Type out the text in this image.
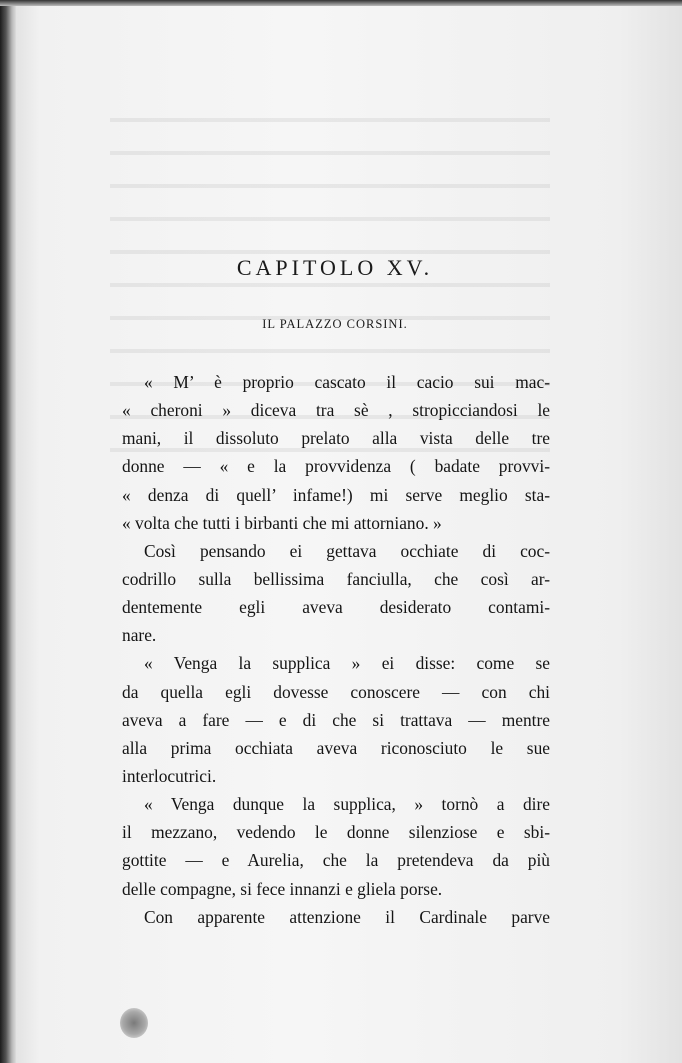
CAPITOLO XV.
IL PALAZZO CORSINI.
« M’ è proprio cascato il cacio sui mac-
« cheroni » diceva tra sè , stropicciandosi le
mani, il dissoluto prelato alla vista delle tre
donne — « e la provvidenza ( badate provvi-
« denza di quell’ infame!) mi serve meglio sta-
« volta che tutti i birbanti che mi attorniano. »
Così pensando ei gettava occhiate di coc-
codrillo sulla bellissima fanciulla, che così ar-
dentemente egli aveva desiderato contami-
nare.
« Venga la supplica » ei disse: come se
da quella egli dovesse conoscere — con chi
aveva a fare — e di che si trattava — mentre
alla prima occhiata aveva riconosciuto le sue
interlocutrici.
« Venga dunque la supplica, » tornò a dire
il mezzano, vedendo le donne silenziose e sbi-
gottite — e Aurelia, che la pretendeva da più
delle compagne, si fece innanzi e gliela porse.
Con apparente attenzione il Cardinale parve
